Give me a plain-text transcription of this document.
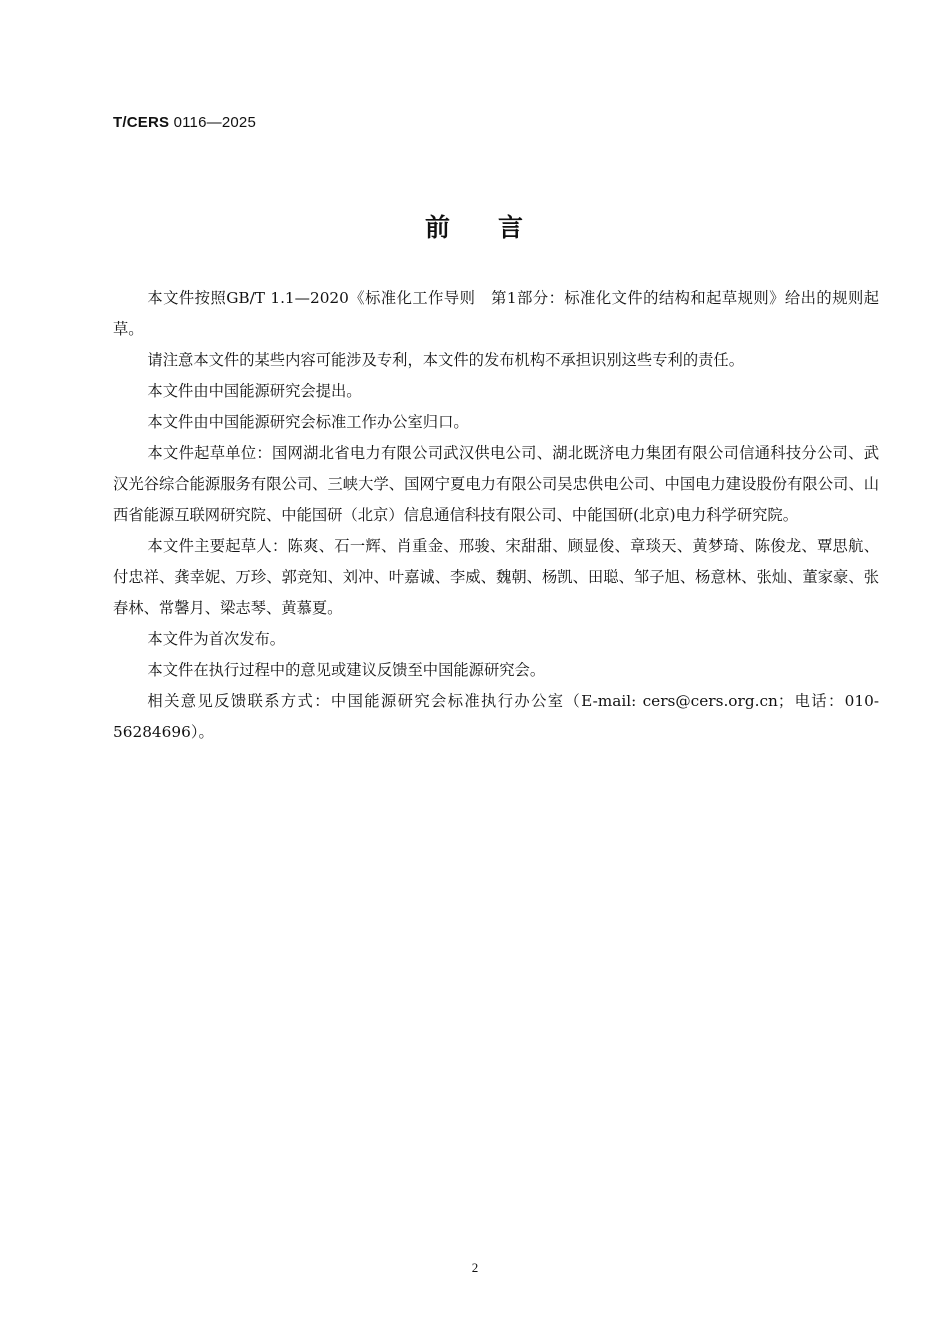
T/CERS 0116—2025
前 言

本文件按照GB/T 1.1—2020《标准化工作导则　第1部分：标准化文件的结构和起草规则》给出的规则起草。

请注意本文件的某些内容可能涉及专利，本文件的发布机构不承担识别这些专利的责任。

本文件由中国能源研究会提出。

本文件由中国能源研究会标准工作办公室归口。

本文件起草单位：国网湖北省电力有限公司武汉供电公司、湖北既济电力集团有限公司信通科技分公司、武汉光谷综合能源服务有限公司、三峡大学、国网宁夏电力有限公司吴忠供电公司、中国电力建设股份有限公司、山西省能源互联网研究院、中能国研（北京）信息通信科技有限公司、中能国研(北京)电力科学研究院。

本文件主要起草人：陈爽、石一辉、肖重金、邢骏、宋甜甜、顾显俊、章琰天、黄梦琦、陈俊龙、覃思航、付忠祥、龚幸妮、万珍、郭竞知、刘冲、叶嘉诚、李威、魏朝、杨凯、田聪、邹子旭、杨意林、张灿、董家豪、张春林、常馨月、梁志琴、黄慕夏。

本文件为首次发布。

本文件在执行过程中的意见或建议反馈至中国能源研究会。

相关意见反馈联系方式：中国能源研究会标准执行办公室（E-mail: cers@cers.org.cn；电话：010-56284696）。

2
